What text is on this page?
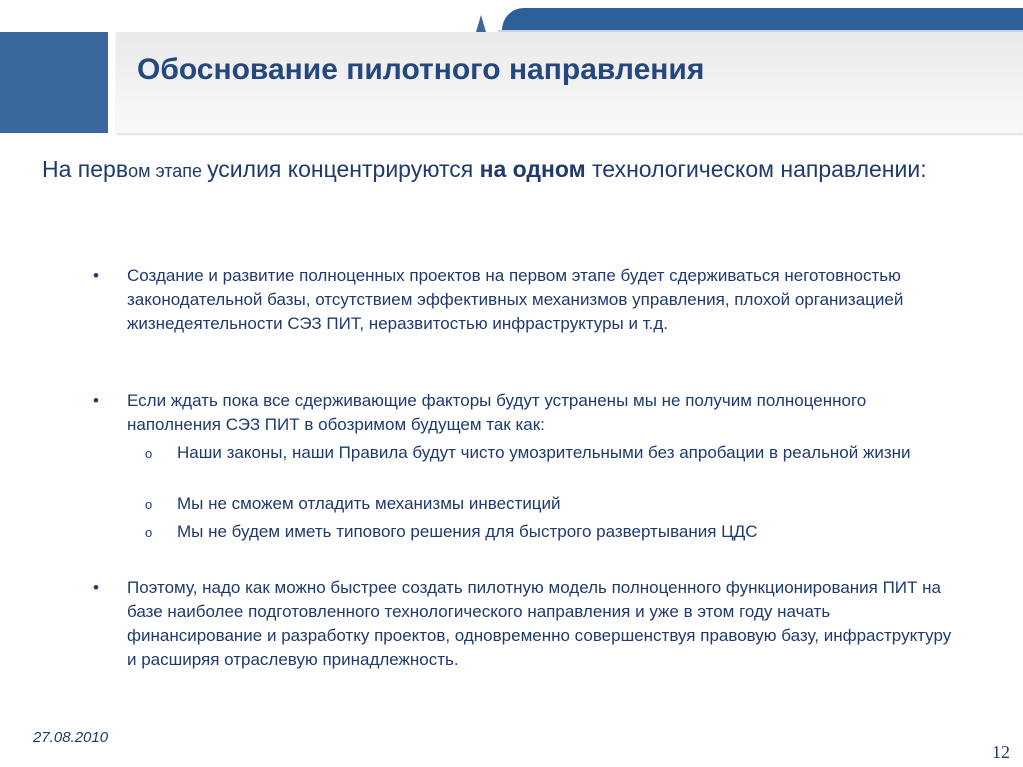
Обоснование пилотного направления

На первом этапе усилия концентрируются на одном технологическом направлении:

• Создание и развитие полноценных проектов на первом этапе будет сдерживаться неготовностью законодательной базы, отсутствием эффективных механизмов управления, плохой организацией жизнедеятельности СЭЗ ПИТ, неразвитостью инфраструктуры и т.д.

• Если ждать пока все сдерживающие факторы будут устранены мы не получим полноценного наполнения СЭЗ ПИТ в обозримом будущем так как:

o Наши законы, наши Правила будут чисто умозрительными без апробации в реальной жизни

o Мы не сможем отладить механизмы инвестиций

o Мы не будем иметь типового решения для быстрого развертывания ЦДС

• Поэтому, надо как можно быстрее создать пилотную модель полноценного функционирования ПИТ на базе наиболее подготовленного технологического направления и уже в этом году начать финансирование и разработку проектов, одновременно совершенствуя правовую базу, инфраструктуру и расширяя отраслевую принадлежность.

27.08.2010
12
